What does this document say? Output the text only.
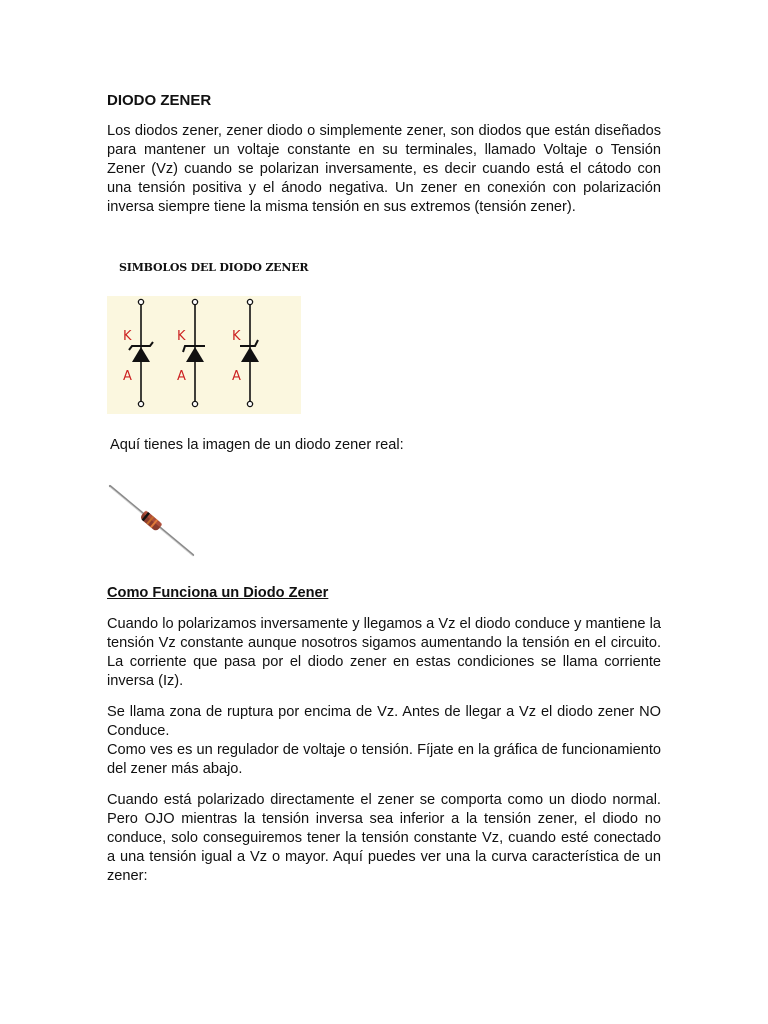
DIODO ZENER

Los diodos zener, zener diodo o simplemente zener, son diodos que están diseñados para mantener un voltaje constante en su terminales, llamado Voltaje o Tensión Zener (Vz) cuando se polarizan inversamente, es decir cuando está el cátodo con una tensión positiva y el ánodo negativa. Un zener en conexión con polarización inversa siempre tiene la misma tensión en sus extremos (tensión zener).

SIMBOLOS DEL DIODO ZENER
K
A
K
A
K
A

Aquí tienes la imagen de un diodo zener real:

Como Funciona un Diodo Zener

Cuando lo polarizamos inversamente y llegamos a Vz el diodo conduce y mantiene la tensión Vz constante aunque nosotros sigamos aumentando la tensión en el circuito. La corriente que pasa por el diodo zener en estas condiciones se llama corriente inversa (Iz).

Se llama zona de ruptura por encima de Vz. Antes de llegar a Vz el diodo zener NO Conduce.

Como ves es un regulador de voltaje o tensión. Fíjate en la gráfica de funcionamiento del zener más abajo.

Cuando está polarizado directamente el zener se comporta como un diodo normal. Pero OJO mientras la tensión inversa sea inferior a la tensión zener, el diodo no conduce, solo conseguiremos tener la tensión constante Vz, cuando esté conectado a una tensión igual a Vz o mayor. Aquí puedes ver una la curva característica de un zener:
